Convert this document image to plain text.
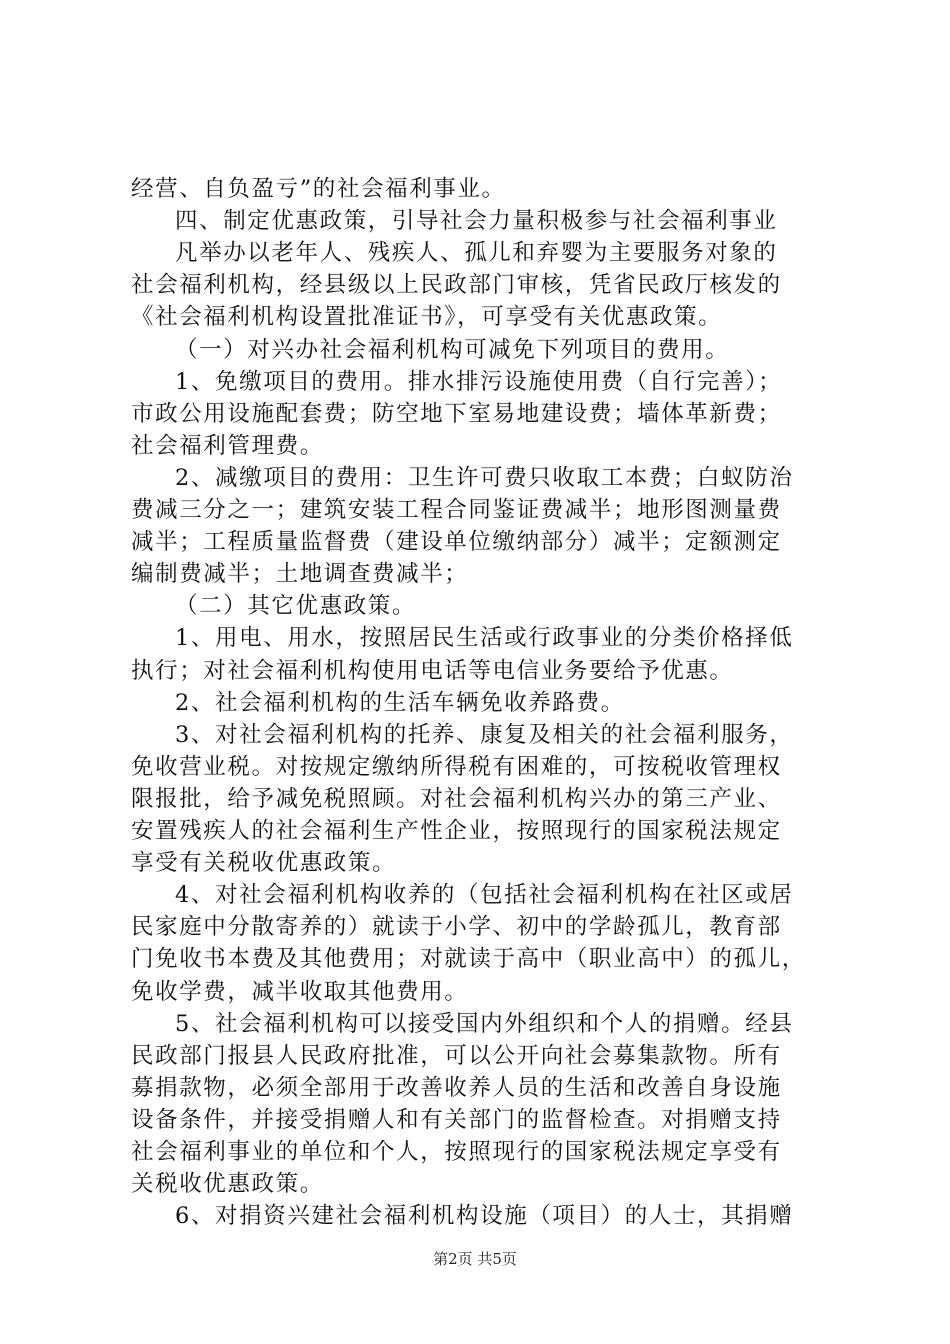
经营、自负盈亏”的社会福利事业。
四、制定优惠政策，引导社会力量积极参与社会福利事业
凡举办以老年人、残疾人、孤儿和弃婴为主要服务对象的
社会福利机构，经县级以上民政部门审核，凭省民政厅核发的
《社会福利机构设置批准证书》，可享受有关优惠政策。
（一）对兴办社会福利机构可减免下列项目的费用。
1、免缴项目的费用。排水排污设施使用费（自行完善）；
市政公用设施配套费；防空地下室易地建设费；墙体革新费；
社会福利管理费。
2、减缴项目的费用：卫生许可费只收取工本费；白蚁防治
费减三分之一；建筑安装工程合同鉴证费减半；地形图测量费
减半；工程质量监督费（建设单位缴纳部分）减半；定额测定
编制费减半；土地调查费减半；
（二）其它优惠政策。
1、用电、用水，按照居民生活或行政事业的分类价格择低
执行；对社会福利机构使用电话等电信业务要给予优惠。
2、社会福利机构的生活车辆免收养路费。
3、对社会福利机构的托养、康复及相关的社会福利服务，
免收营业税。对按规定缴纳所得税有困难的，可按税收管理权
限报批，给予减免税照顾。对社会福利机构兴办的第三产业、
安置残疾人的社会福利生产性企业，按照现行的国家税法规定
享受有关税收优惠政策。
4、对社会福利机构收养的（包括社会福利机构在社区或居
民家庭中分散寄养的）就读于小学、初中的学龄孤儿，教育部
门免收书本费及其他费用；对就读于高中（职业高中）的孤儿，
免收学费，减半收取其他费用。
5、社会福利机构可以接受国内外组织和个人的捐赠。经县
民政部门报县人民政府批准，可以公开向社会募集款物。所有
募捐款物，必须全部用于改善收养人员的生活和改善自身设施
设备条件，并接受捐赠人和有关部门的监督检查。对捐赠支持
社会福利事业的单位和个人，按照现行的国家税法规定享受有
关税收优惠政策。
6、对捐资兴建社会福利机构设施（项目）的人士，其捐赠
第2页 共5页
